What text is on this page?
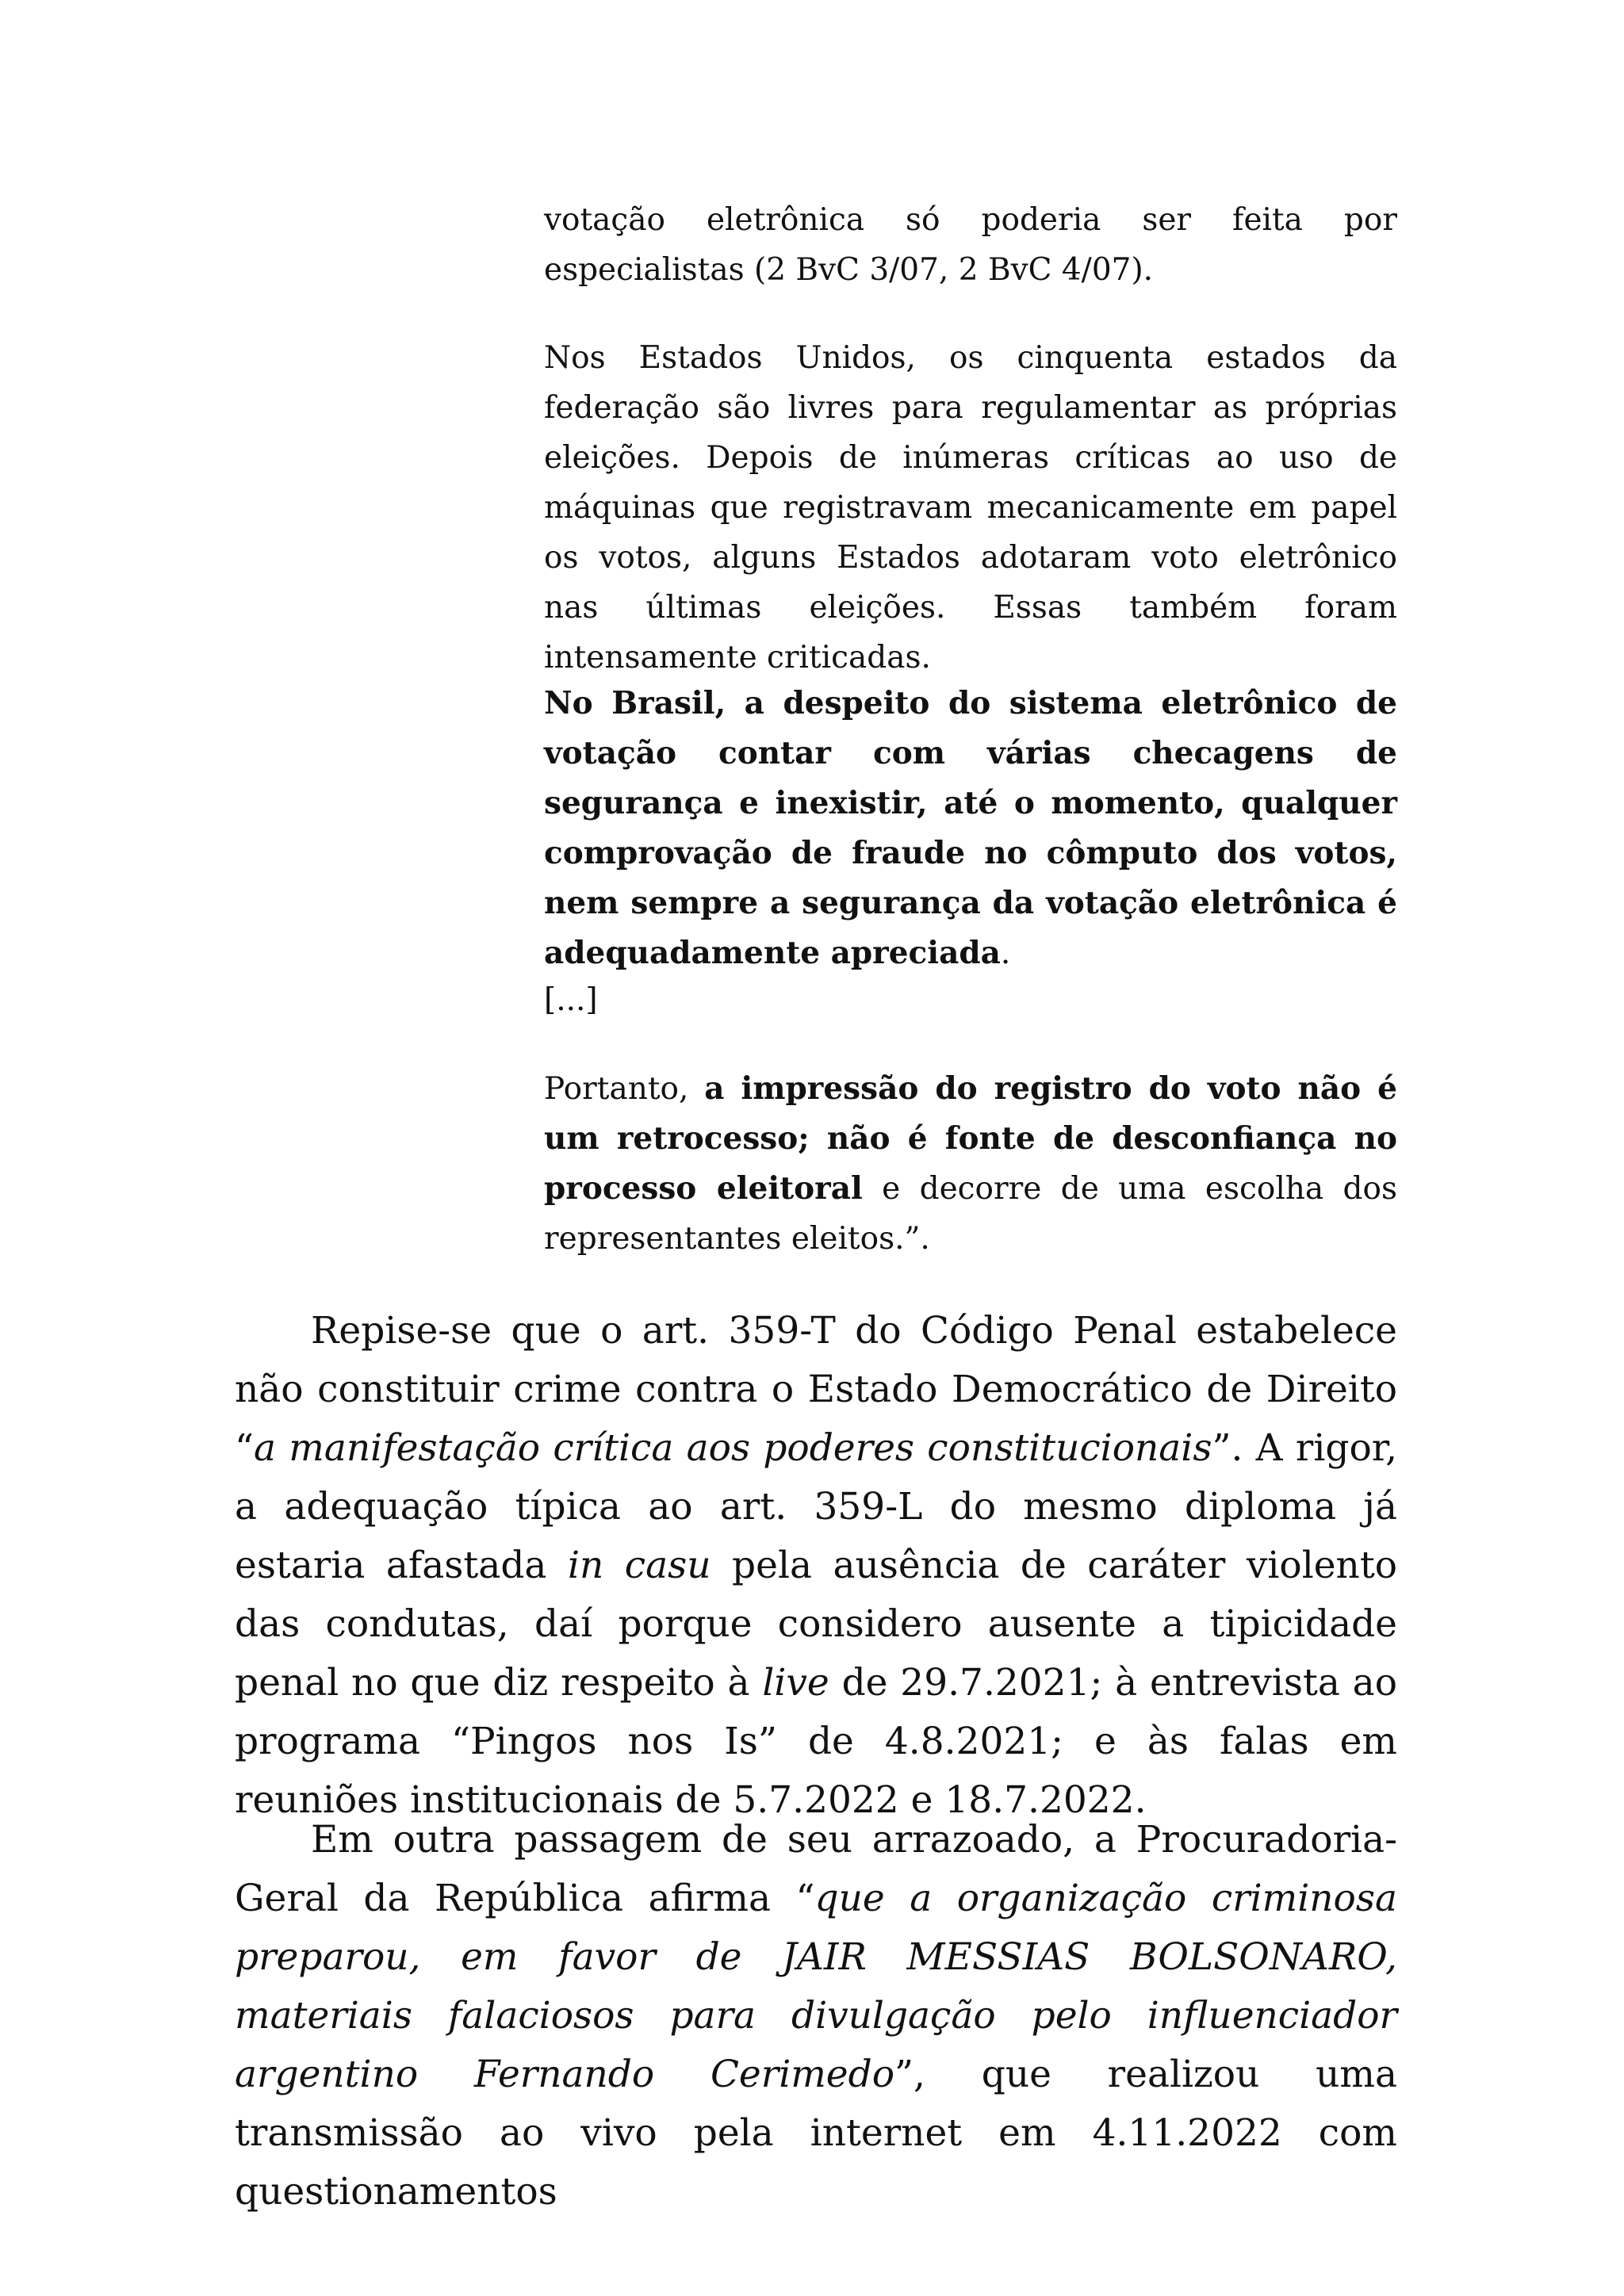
votação eletrônica só poderia ser feita por especialistas (2 BvC 3/07, 2 BvC 4/07).

Nos Estados Unidos, os cinquenta estados da federação são livres para regulamentar as próprias eleições. Depois de inúmeras críticas ao uso de máquinas que registravam mecanicamente em papel os votos, alguns Estados adotaram voto eletrônico nas últimas eleições. Essas também foram intensamente criticadas.

No Brasil, a despeito do sistema eletrônico de votação contar com várias checagens de segurança e inexistir, até o momento, qualquer comprovação de fraude no cômputo dos votos, nem sempre a segurança da votação eletrônica é adequadamente apreciada.

[...]

Portanto, a impressão do registro do voto não é um retrocesso; não é fonte de desconfiança no processo eleitoral e decorre de uma escolha dos representantes eleitos.”.

Repise-se que o art. 359-T do Código Penal estabelece não constituir crime contra o Estado Democrático de Direito “a manifestação crítica aos poderes constitucionais”. A rigor, a adequação típica ao art. 359-L do mesmo diploma já estaria afastada in casu pela ausência de caráter violento das condutas, daí porque considero ausente a tipicidade penal no que diz respeito à live de 29.7.2021; à entrevista ao programa “Pingos nos Is” de 4.8.2021; e às falas em reuniões institucionais de 5.7.2022 e 18.7.2022.

Em outra passagem de seu arrazoado, a Procuradoria-Geral da República afirma “que a organização criminosa preparou, em favor de JAIR MESSIAS BOLSONARO, materiais falaciosos para divulgação pelo influenciador argentino Fernando Cerimedo”, que realizou uma transmissão ao vivo pela internet em 4.11.2022 com questionamentos
